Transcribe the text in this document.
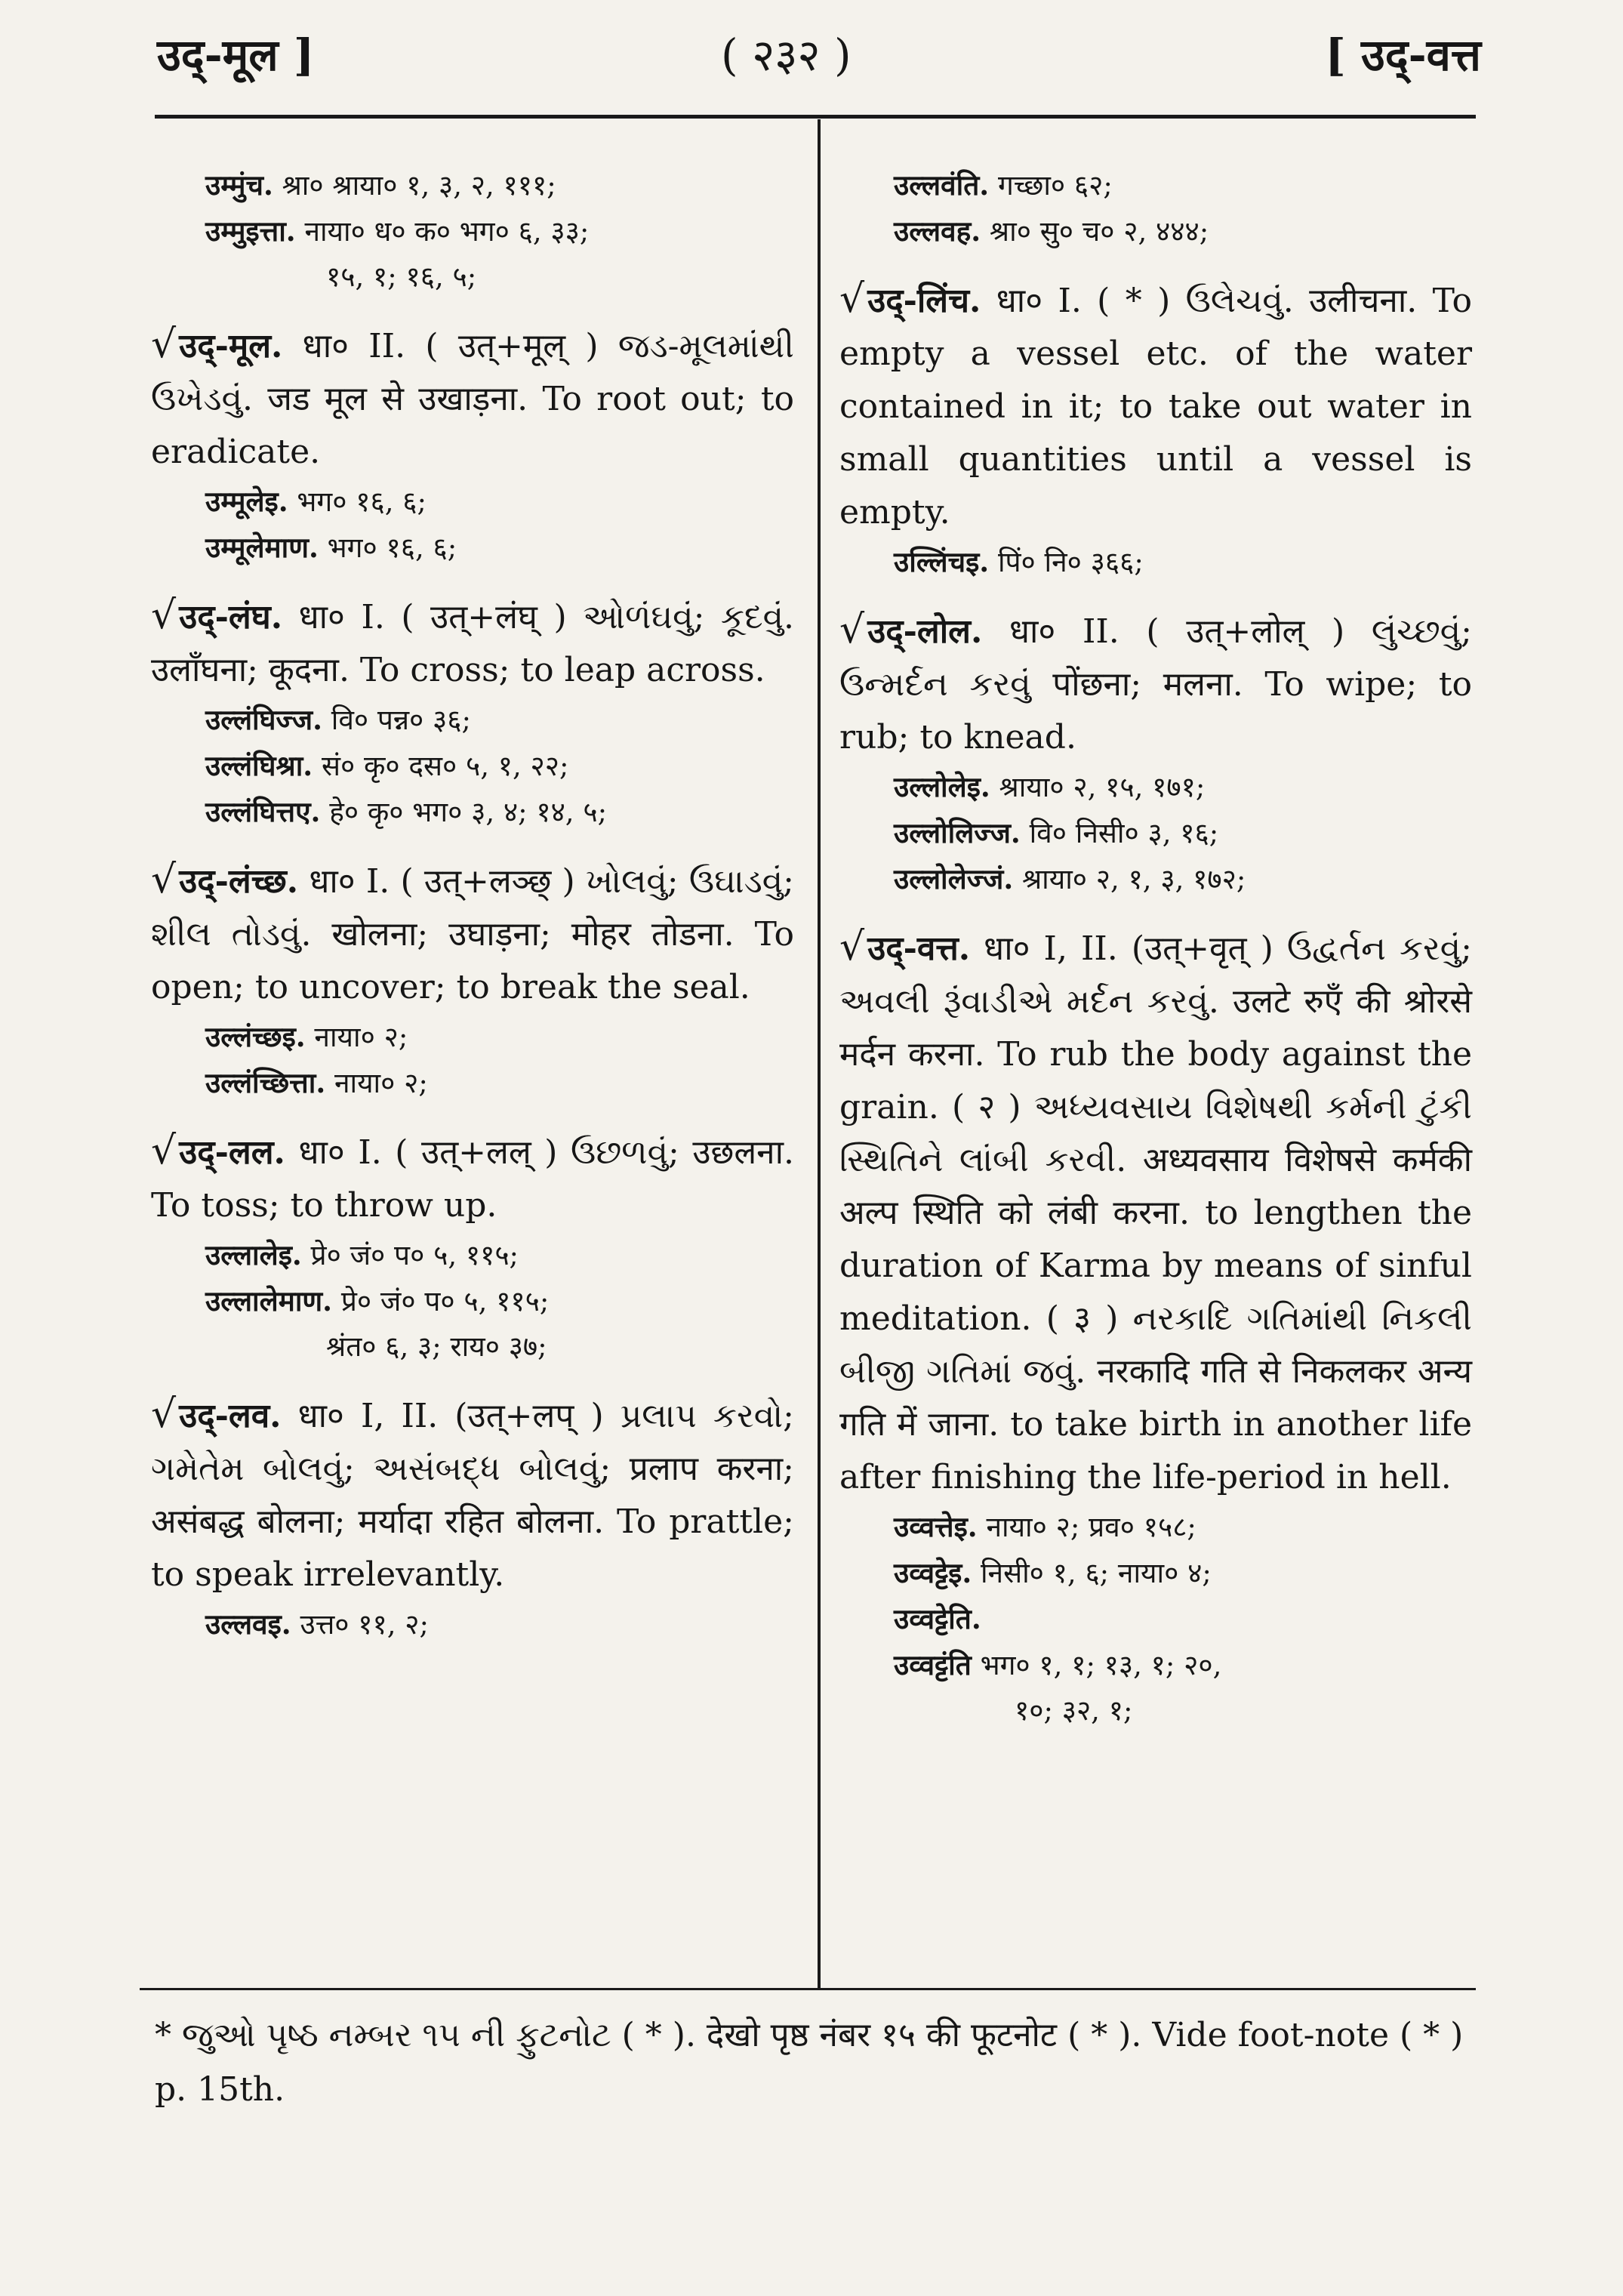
उद्-मूल ]	( २३२ )	[ उद्-वत्त

उम्मुंच. श्रा० श्राया० १, ३, २, १११;

उम्मुइत्ता. नाया० ध० क० भग० ६, ३३;
१५, १; १६, ५;

√उद्-मूल. धा० II. ( उत्+मूल् ) જડ-મૂલમાંથી ઉખેડવું. जड मूल से उखाड़ना. To root out; to eradicate.

उम्मूलेइ. भग० १६, ६;

उम्मूलेमाण. भग० १६, ६;

√उद्-लंघ. धा० I. ( उत्+लंघ् ) ઓળંઘવું; કૂદવું. उलाँघना; कूदना. To cross; to leap across.

उल्लंघिज्ज. वि० पन्न० ३६;

उल्लंघिश्रा. सं० कृ० दस० ५, १, २२;

उल्लंघित्तए. हे० कृ० भग० ३, ४; १४, ५;

√उद्-लंच्छ. धा० I. ( उत्+लञ्छ् ) ખોલવું; ઉઘાડવું; શીલ તોડવું. खोलना; उघाड़ना; मोहर तोडना. To open; to uncover; to break the seal.

उल्लंच्छइ. नाया० २;

उल्लंच्छित्ता. नाया० २;

√उद्-लल. धा० I. ( उत्+लल् ) ઉછળવું; उछलना. To toss; to throw up.

उल्लालेइ. प्रे० जं० प० ५, ११५;

उल्लालेमाण. प्रे० जं० प० ५, ११५;
श्रंत० ६, ३; राय० ३७;

√उद्-लव. धा० I, II. (उत्+लप् ) પ્રલાપ કરવો; ગમેતેમ બોલવું; અસંબદ્ધ બોલવું; प्रलाप करना; असंबद्ध बोलना; मर्यादा रहित बोलना. To prattle; to speak irrelevantly.

उल्लवइ. उत्त० ११, २;

उल्लवंति. गच्छा० ६२;

उल्लवह. श्रा० सु० च० २, ४४४;

√उद्-लिंच. धा० I. ( * ) ઉલેચવું. उलीचना. To empty a vessel etc. of the water contained in it; to take out water in small quantities until a vessel is empty.

उल्लिंचइ. पिं० नि० ३६६;

√उद्-लोल. धा० II. ( उत्+लोल् ) લુંચ્છવું; ઉન્મર્દન કરવું पोंछना; मलना. To wipe; to rub; to knead.

उल्लोलेइ. श्राया० २, १५, १७१;

उल्लोलिज्ज. वि० निसी० ३, १६;

उल्लोलेज्जं. श्राया० २, १, ३, १७२;

√उद्-वत्त. धा० I, II. (उत्+वृत् ) ઉદ્વર્તન કરવું; અવલી રૂંવાડીએ મર્દન કરવું. उलटे रुएँ की श्रोरसे मर्दन करना. To rub the body against the grain. ( २ ) અધ્યવસાય વિશેષથી કર્મની ટુંકી સ્થિતિને લાંબી કરવી. अध्यवसाय विशेषसे कर्मकी अल्प स्थिति को लंबी करना. to lengthen the duration of Karma by means of sinful meditation. ( ३ ) નરકાદિ ગતિમાંથી નિકલી બીજી ગતિમાં જવું. नरकादि गति से निकलकर अन्य गति में जाना. to take birth in another life after finishing the life-period in hell.

उव्वत्तेइ. नाया० २; प्रव० १५८;

उव्वट्टेइ. निसी० १, ६; नाया० ४;

उव्वट्टेति.

उव्वट्टंति भग० १, १; १३, १; २०,
१०; ३२, १;

* જુઓ પૃષ્ઠ નમ્બર ૧૫ ની ફુટનોટ ( * ). देखो पृष्ठ नंबर १५ की फूटनोट ( * ). Vide foot-note ( * ) p. 15th.
